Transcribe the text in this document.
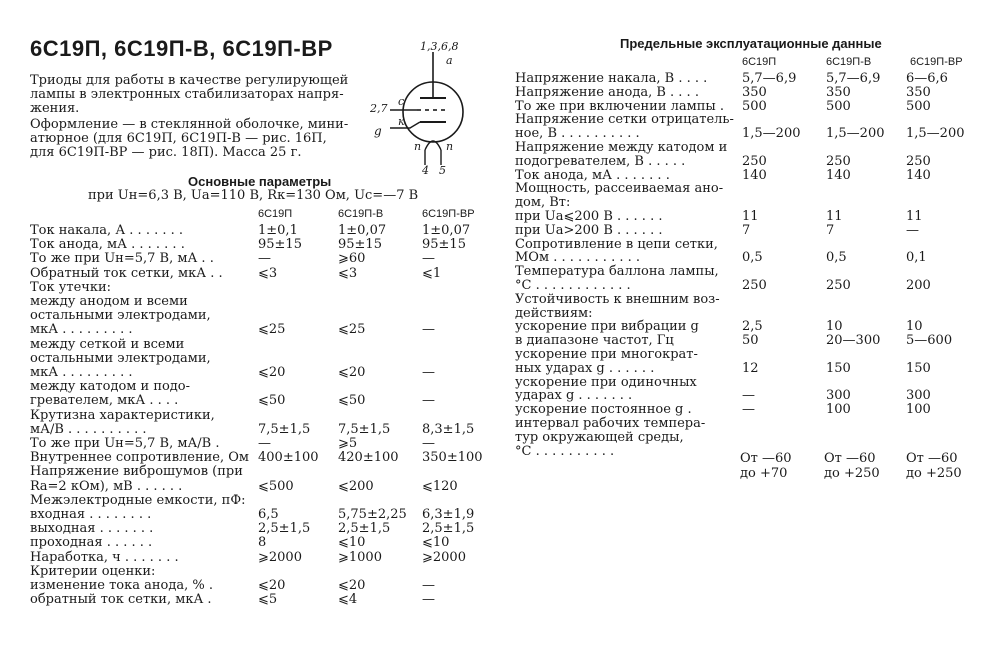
6С19П, 6С19П-В, 6С19П-ВР
Триоды для работы в качестве регулирующей
лампы в электронных стабилизаторах напря-
жения.
Оформление — в стеклянной оболочке, мини-
атюрное (для 6С19П, 6С19П-В — рис. 16П,
для 6С19П-ВР — рис. 18П). Масса 25 г.
1,3,6,8
а
2,7
с
к
g
п п
4 5
Основные параметры
при Uн=6,3 В, Uа=110 В, Rк=130 Ом, Uс=—7 В
6С19П	6С19П-В	6С19П-ВР
Ток накала, А . . . . . . .	1±0,1	1±0,07	1±0,07
Ток анода, мА . . . . . . .	95±15	95±15	95±15
То же при Uн=5,7 В, мА . .	—	⩾60	—
Обратный ток сетки, мкА . .	⩽3	⩽3	⩽1
Ток утечки:
между анодом и всеми
остальными электродами,
мкА . . . . . . . . .	⩽25	⩽25	—
между сеткой и всеми
остальными электродами,
мкА . . . . . . . . .	⩽20	⩽20	—
между катодом и подо-
гревателем, мкА . . . .	⩽50	⩽50	—
Крутизна характеристики,
мА/В . . . . . . . . . .	7,5±1,5 7,5±1,5 8,3±1,5
То же при Uн=5,7 В, мА/В .	—	⩾5	—
Внутреннее сопротивление, Ом 400±100 420±100 350±100
Напряжение виброшумов (при
Rа=2 кОм), мВ . . . . . .	⩽500	⩽200	⩽120
Межэлектродные емкости, пФ:
входная . . . . . . . .	6,5	5,75±2,25 6,3±1,9
выходная . . . . . . .	2,5±1,5 2,5±1,5 2,5±1,5
проходная . . . . . .	8	⩽10	⩽10
Наработка, ч . . . . . . .	⩾2000	⩾1000	⩾2000
Критерии оценки:
изменение тока анода, % .	⩽20	⩽20	—
обратный ток сетки, мкА .	⩽5	⩽4	—
Предельные эксплуатационные данные
6С19П	6С19П-В	6С19П-ВР
Напряжение накала, В . . . .	5,7—6,9 5,7—6,9 6—6,6
Напряжение анода, В . . . .	350	350	350
То же при включении лампы . 500	500	500
Напряжение сетки отрицатель-
ное, В . . . . . . . . . .	1,5—200 1,5—200 1,5—200
Напряжение между катодом и
подогревателем, В . . . . .	250	250	250
Ток анода, мА . . . . . . .	140	140	140
Мощность, рассеиваемая ано-
дом, Вт:
при Uа⩽200 В . . . . . .	11	11	11
при Uа>200 В . . . . . .	7	7	—
Сопротивление в цепи сетки,
МОм . . . . . . . . . . .	0,5	0,5	0,1
Температура баллона лампы,
°С . . . . . . . . . . . .	250	250	200
Устойчивость к внешним воз-
действиям:
ускорение при вибрации g	2,5	10	10
в диапазоне частот, Гц	50	20—300 5—600
ускорение при многократ-
ных ударах g . . . . . .	12	150	150
ускорение при одиночных
ударах g . . . . . . .	—	300	300
ускорение постоянное g .	—	100	100
интервал рабочих темпера-
тур окружающей среды,
°С . . . . . . . . . .	От —60 От —60 От —60
до +70	до +250 до +250
